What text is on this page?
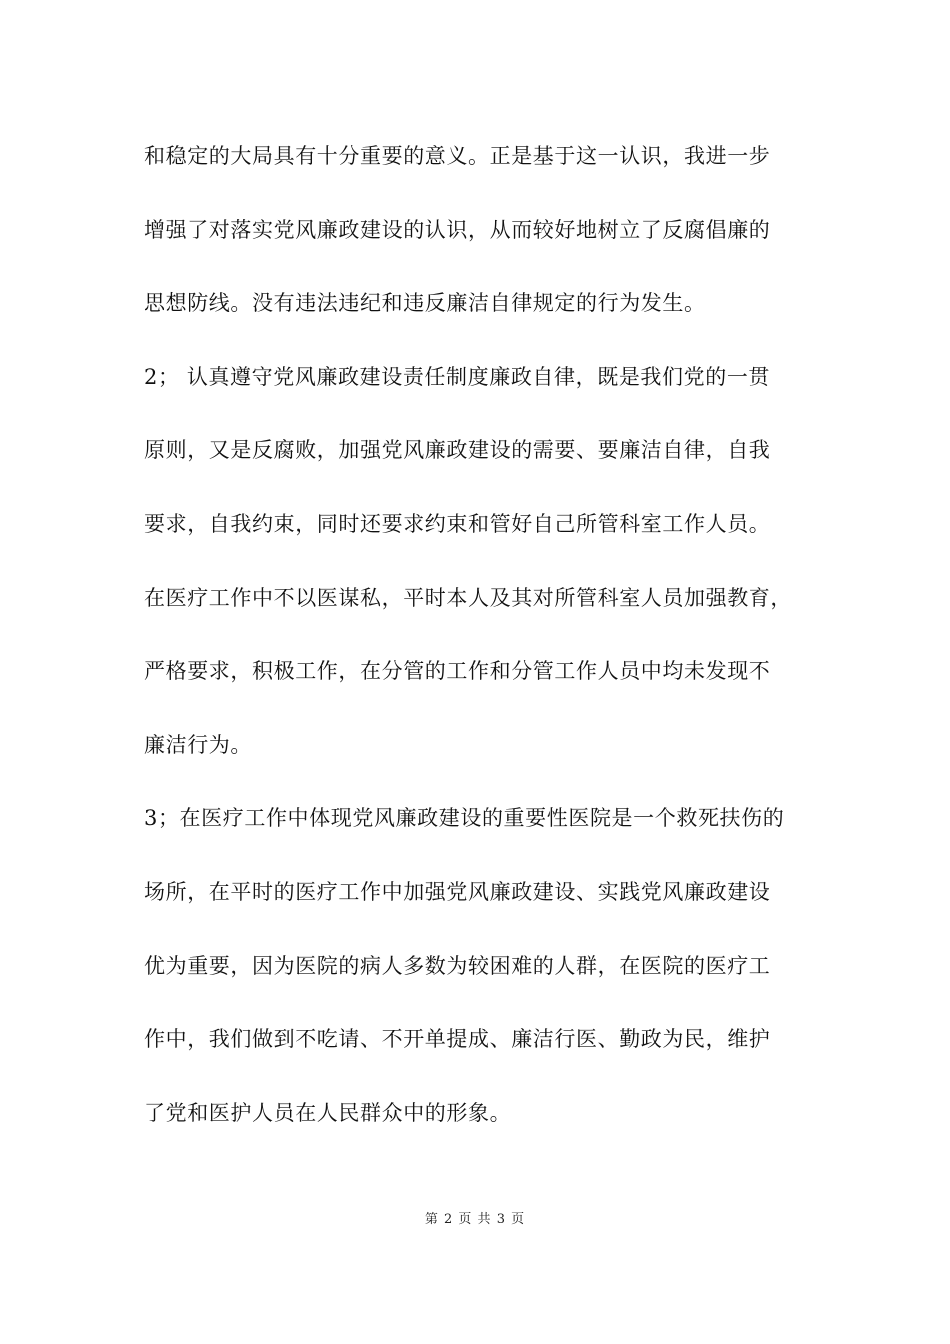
和稳定的大局具有十分重要的意义。正是基于这一认识，我进一步
增强了对落实党风廉政建设的认识，从而较好地树立了反腐倡廉的
思想防线。没有违法违纪和违反廉洁自律规定的行为发生。
2； 认真遵守党风廉政建设责任制度廉政自律，既是我们党的一贯
原则，又是反腐败，加强党风廉政建设的需要、要廉洁自律，自我
要求，自我约束，同时还要求约束和管好自己所管科室工作人员。
在医疗工作中不以医谋私，平时本人及其对所管科室人员加强教育，
严格要求，积极工作，在分管的工作和分管工作人员中均未发现不
廉洁行为。
3；在医疗工作中体现党风廉政建设的重要性医院是一个救死扶伤的
场所，在平时的医疗工作中加强党风廉政建设、实践党风廉政建设
优为重要，因为医院的病人多数为较困难的人群，在医院的医疗工
作中，我们做到不吃请、不开单提成、廉洁行医、勤政为民，维护
了党和医护人员在人民群众中的形象。
第 2 页 共 3 页
